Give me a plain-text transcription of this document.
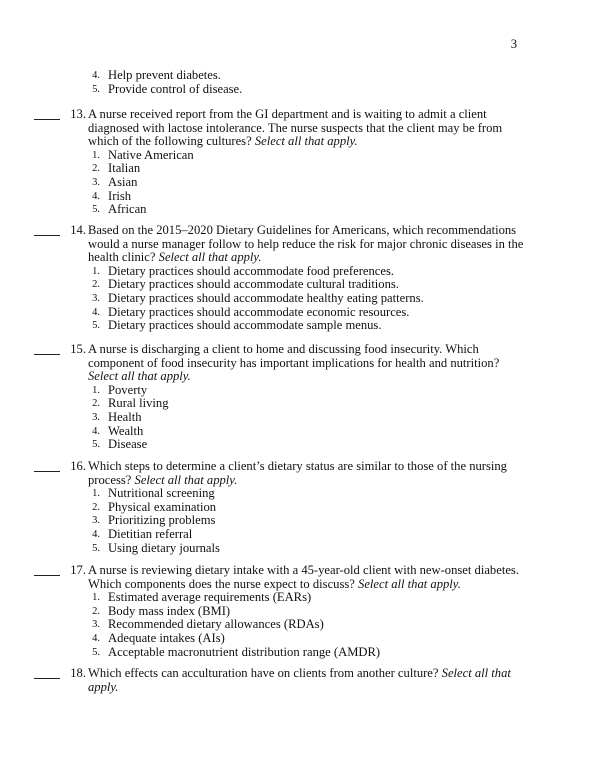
3
4. Help prevent diabetes.
5. Provide control of disease.
13. A nurse received report from the GI department and is waiting to admit a client diagnosed with lactose intolerance. The nurse suspects that the client may be from which of the following cultures? Select all that apply.
1. Native American
2. Italian
3. Asian
4. Irish
5. African
14. Based on the 2015–2020 Dietary Guidelines for Americans, which recommendations would a nurse manager follow to help reduce the risk for major chronic diseases in the health clinic? Select all that apply.
1. Dietary practices should accommodate food preferences.
2. Dietary practices should accommodate cultural traditions.
3. Dietary practices should accommodate healthy eating patterns.
4. Dietary practices should accommodate economic resources.
5. Dietary practices should accommodate sample menus.
15. A nurse is discharging a client to home and discussing food insecurity. Which component of food insecurity has important implications for health and nutrition? Select all that apply.
1. Poverty
2. Rural living
3. Health
4. Wealth
5. Disease
16. Which steps to determine a client’s dietary status are similar to those of the nursing process? Select all that apply.
1. Nutritional screening
2. Physical examination
3. Prioritizing problems
4. Dietitian referral
5. Using dietary journals
17. A nurse is reviewing dietary intake with a 45-year-old client with new-onset diabetes. Which components does the nurse expect to discuss? Select all that apply.
1. Estimated average requirements (EARs)
2. Body mass index (BMI)
3. Recommended dietary allowances (RDAs)
4. Adequate intakes (AIs)
5. Acceptable macronutrient distribution range (AMDR)
18. Which effects can acculturation have on clients from another culture? Select all that apply.
